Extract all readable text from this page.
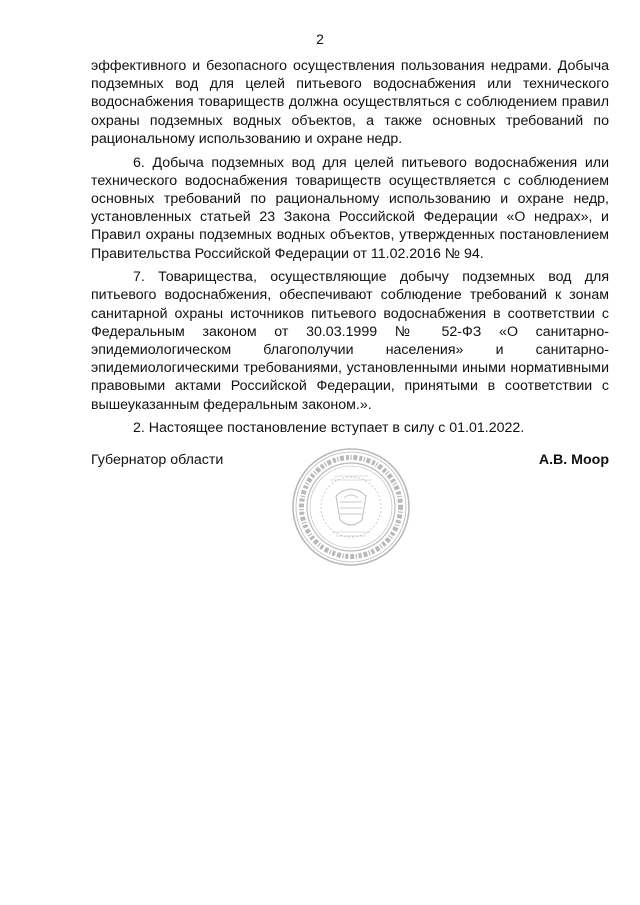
2

эффективного и безопасного осуществления пользования недрами. Добыча подземных вод для целей питьевого водоснабжения или технического водоснабжения товариществ должна осуществляться с соблюдением правил охраны подземных водных объектов, а также основных требований по рациональному использованию и охране недр.

6. Добыча подземных вод для целей питьевого водоснабжения или технического водоснабжения товариществ осуществляется с соблюдением основных требований по рациональному использованию и охране недр, установленных статьей 23 Закона Российской Федерации «О недрах», и Правил охраны подземных водных объектов, утвержденных постановлением Правительства Российской Федерации от 11.02.2016 № 94.

7. Товарищества, осуществляющие добычу подземных вод для питьевого водоснабжения, обеспечивают соблюдение требований к зонам санитарной охраны источников питьевого водоснабжения в соответствии с Федеральным законом от 30.03.1999 № 52-ФЗ «О санитарно-эпидемиологическом благополучии населения» и санитарно-эпидемиологическими требованиями, установленными иными нормативными правовыми актами Российской Федерации, принятыми в соответствии с вышеуказанным федеральным законом.».

2. Настоящее постановление вступает в силу с 01.01.2022.

Губернатор области	А.В. Моор
